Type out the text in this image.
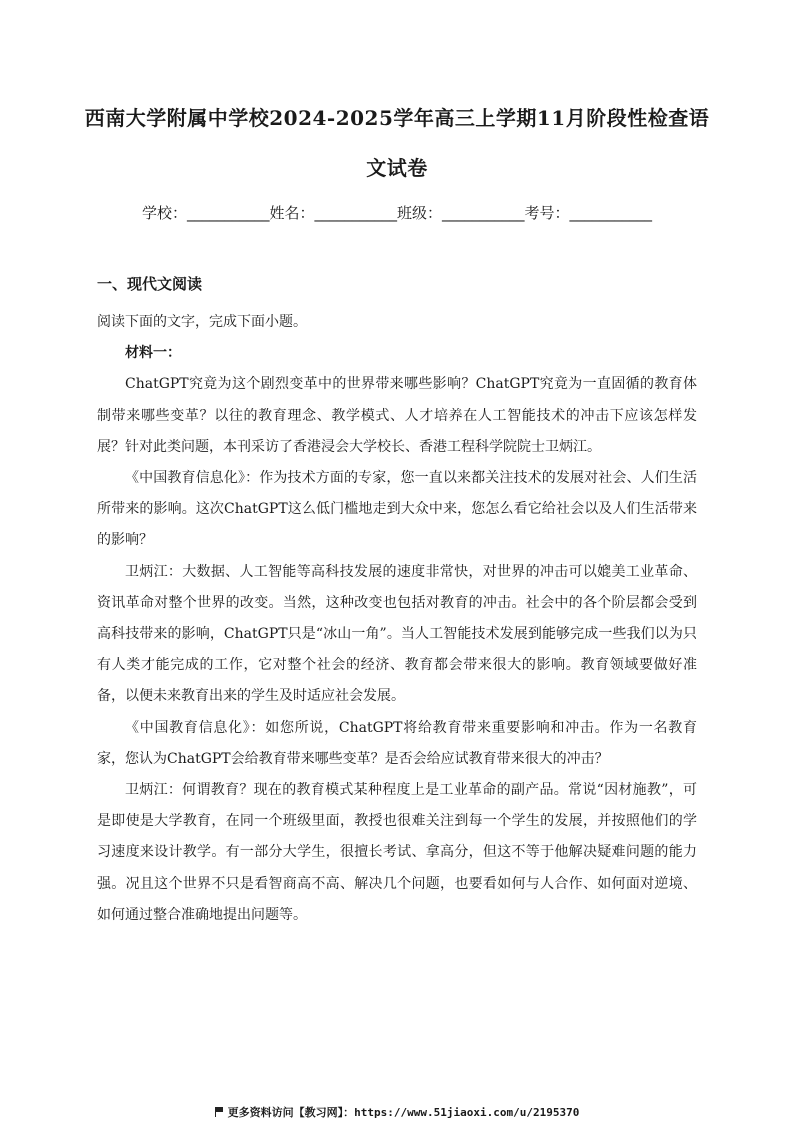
西南大学附属中学校2024-2025学年高三上学期11月阶段性检查语
文试卷
学校：___________姓名：___________班级：___________考号：___________
一、现代文阅读

阅读下面的文字，完成下面小题。

材料一：

ChatGPT究竟为这个剧烈变革中的世界带来哪些影响？ChatGPT究竟为一直固循的教育体制带来哪些变革？以往的教育理念、教学模式、人才培养在人工智能技术的冲击下应该怎样发展？针对此类问题，本刊采访了香港浸会大学校长、香港工程科学院院士卫炳江。

《中国教育信息化》：作为技术方面的专家，您一直以来都关注技术的发展对社会、人们生活所带来的影响。这次ChatGPT这么低门槛地走到大众中来，您怎么看它给社会以及人们生活带来的影响？

卫炳江：大数据、人工智能等高科技发展的速度非常快，对世界的冲击可以媲美工业革命、资讯革命对整个世界的改变。当然，这种改变也包括对教育的冲击。社会中的各个阶层都会受到高科技带来的影响，ChatGPT只是“冰山一角”。当人工智能技术发展到能够完成一些我们以为只有人类才能完成的工作，它对整个社会的经济、教育都会带来很大的影响。教育领域要做好准备，以便未来教育出来的学生及时适应社会发展。

《中国教育信息化》：如您所说，ChatGPT将给教育带来重要影响和冲击。作为一名教育家，您认为ChatGPT会给教育带来哪些变革？是否会给应试教育带来很大的冲击？

卫炳江：何谓教育？现在的教育模式某种程度上是工业革命的副产品。常说“因材施教”，可是即使是大学教育，在同一个班级里面，教授也很难关注到每一个学生的发展，并按照他们的学习速度来设计教学。有一部分大学生，很擅长考试、拿高分，但这不等于他解决疑难问题的能力强。况且这个世界不只是看智商高不高、解决几个问题，也要看如何与人合作、如何面对逆境、如何通过整合准确地提出问题等。

更多资料访问【教习网】：https://www.51jiaoxi.com/u/2195370
